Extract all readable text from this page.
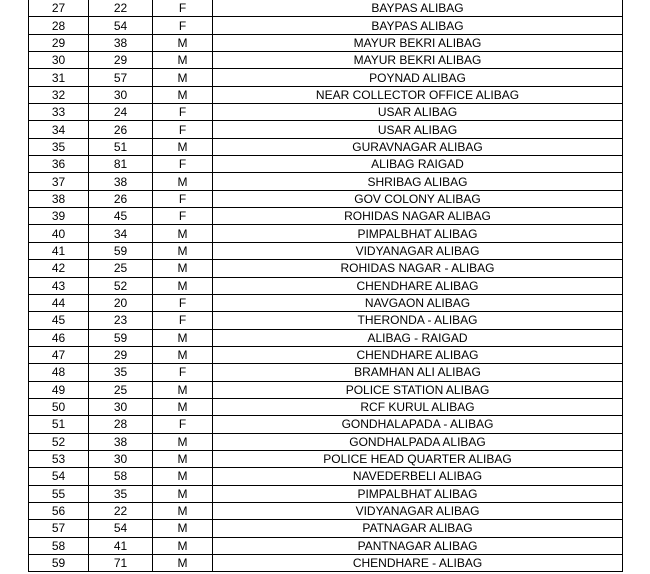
27	22	F	BAYPAS ALIBAG
28	54	F	BAYPAS ALIBAG
29	38	M	MAYUR BEKRI ALIBAG
30	29	M	MAYUR BEKRI ALIBAG
31	57	M	POYNAD ALIBAG
32	30	M	NEAR COLLECTOR OFFICE ALIBAG
33	24	F	USAR ALIBAG
34	26	F	USAR ALIBAG
35	51	M	GURAVNAGAR ALIBAG
36	81	F	ALIBAG RAIGAD
37	38	M	SHRIBAG ALIBAG
38	26	F	GOV COLONY ALIBAG
39	45	F	ROHIDAS NAGAR ALIBAG
40	34	M	PIMPALBHAT ALIBAG
41	59	M	VIDYANAGAR ALIBAG
42	25	M	ROHIDAS NAGAR - ALIBAG
43	52	M	CHENDHARE ALIBAG
44	20	F	NAVGAON ALIBAG
45	23	F	THERONDA - ALIBAG
46	59	M	ALIBAG - RAIGAD
47	29	M	CHENDHARE ALIBAG
48	35	F	BRAMHAN ALI ALIBAG
49	25	M	POLICE STATION ALIBAG
50	30	M	RCF KURUL ALIBAG
51	28	F	GONDHALAPADA - ALIBAG
52	38	M	GONDHALPADA ALIBAG
53	30	M	POLICE HEAD QUARTER ALIBAG
54	58	M	NAVEDERBELI ALIBAG
55	35	M	PIMPALBHAT ALIBAG
56	22	M	VIDYANAGAR ALIBAG
57	54	M	PATNAGAR ALIBAG
58	41	M	PANTNAGAR ALIBAG
59	71	M	CHENDHARE - ALIBAG
